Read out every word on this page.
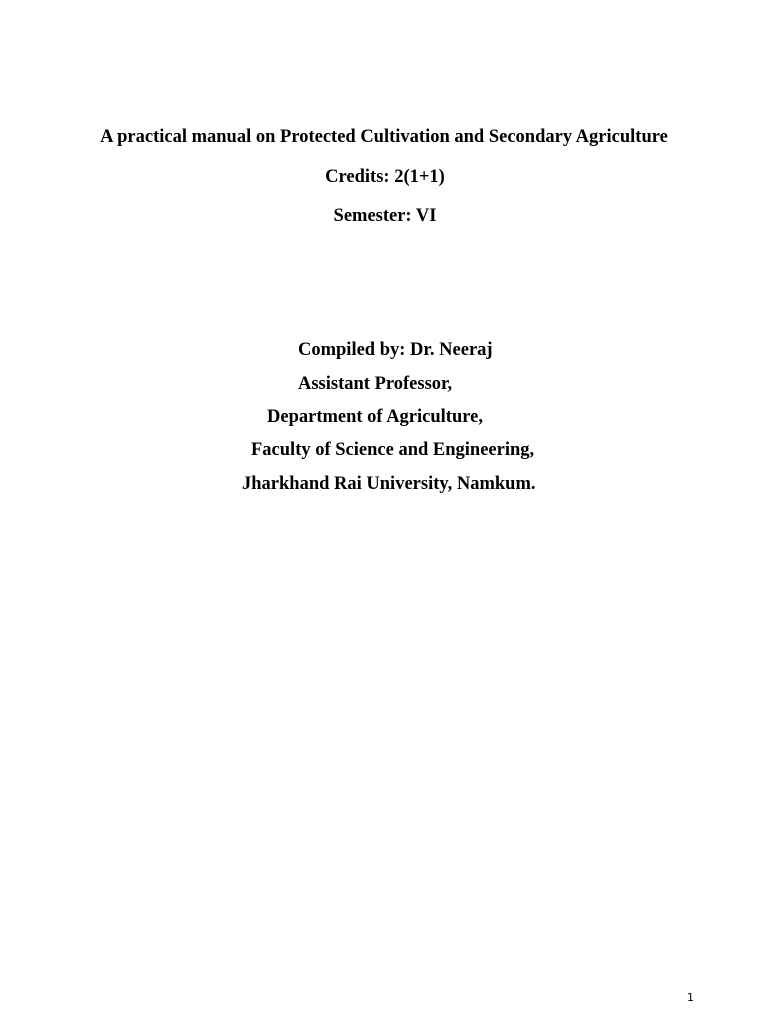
A practical manual on Protected Cultivation and Secondary Agriculture

Credits: 2(1+1)

Semester: VI

Compiled by: Dr. Neeraj

Assistant Professor,

Department of Agriculture,

Faculty of Science and Engineering,

Jharkhand Rai University, Namkum.

1
